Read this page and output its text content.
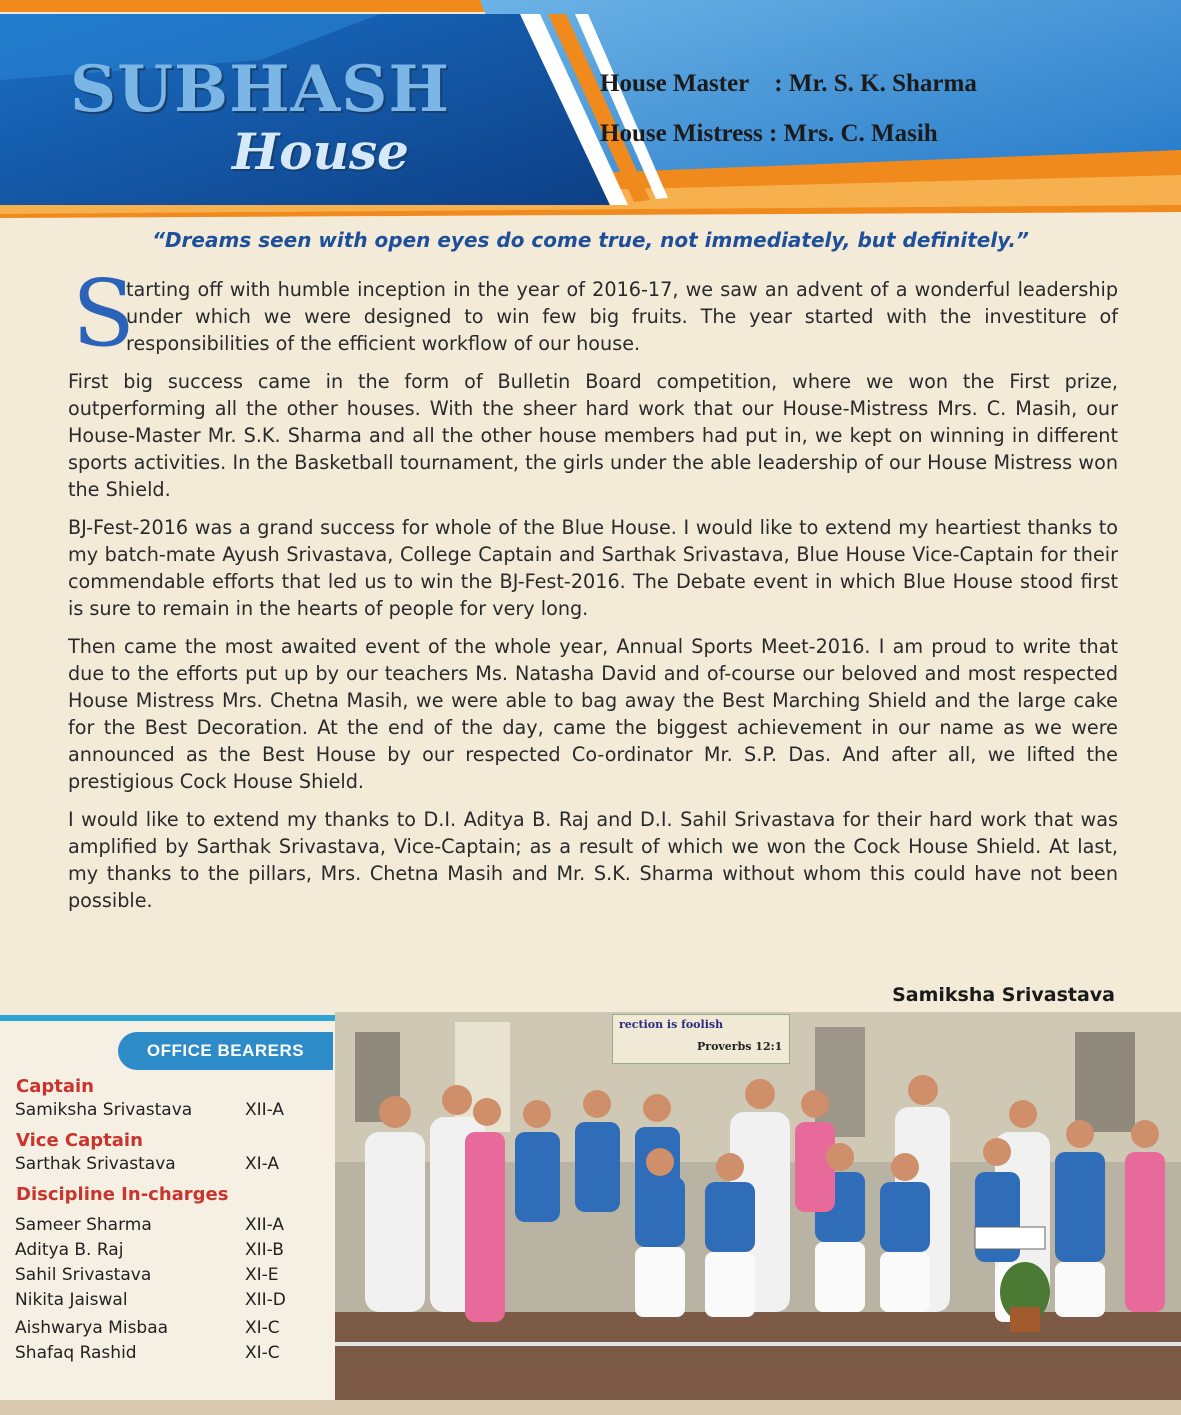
SUBHASH
House
House Master : Mr. S. K. Sharma
House Mistress : Mrs. C. Masih
“Dreams seen with open eyes do come true, not immediately, but definitely.”

S
tarting off with humble inception in the year of 2016-17, we saw an advent of a wonderful leadership under which we were designed to win few big fruits. The year started with the investiture of responsibilities of the efficient workflow of our house.

First big success came in the form of Bulletin Board competition, where we won the First prize, outperforming all the other houses. With the sheer hard work that our House-Mistress Mrs. C. Masih, our House-Master Mr. S.K. Sharma and all the other house members had put in, we kept on winning in different sports activities. In the Basketball tournament, the girls under the able leadership of our House Mistress won the Shield.

BJ-Fest-2016 was a grand success for whole of the Blue House. I would like to extend my heartiest thanks to my batch-mate Ayush Srivastava, College Captain and Sarthak Srivastava, Blue House Vice-Captain for their commendable efforts that led us to win the BJ-Fest-2016. The Debate event in which Blue House stood first is sure to remain in the hearts of people for very long.

Then came the most awaited event of the whole year, Annual Sports Meet-2016. I am proud to write that due to the efforts put up by our teachers Ms. Natasha David and of-course our beloved and most respected House Mistress Mrs. Chetna Masih, we were able to bag away the Best Marching Shield and the large cake for the Best Decoration. At the end of the day, came the biggest achievement in our name as we were announced as the Best House by our respected Co-ordinator Mr. S.P. Das. And after all, we lifted the prestigious Cock House Shield.

I would like to extend my thanks to D.I. Aditya B. Raj and D.I. Sahil Srivastava for their hard work that was amplified by Sarthak Srivastava, Vice-Captain; as a result of which we won the Cock House Shield. At last, my thanks to the pillars, Mrs. Chetna Masih and Mr. S.K. Sharma without whom this could have not been possible.

Samiksha Srivastava
OFFICE BEARERS
Captain
Samiksha Srivastava	XII-A
Vice Captain
Sarthak Srivastava	XI-A
Discipline In-charges
Sameer Sharma	XII-A
Aditya B. Raj	XII-B
Sahil Srivastava	XI-E
Nikita Jaiswal	XII-D
Aishwarya Misbaa	XI-C
Shafaq Rashid	XI-C
rection is foolish
Proverbs 12:1
